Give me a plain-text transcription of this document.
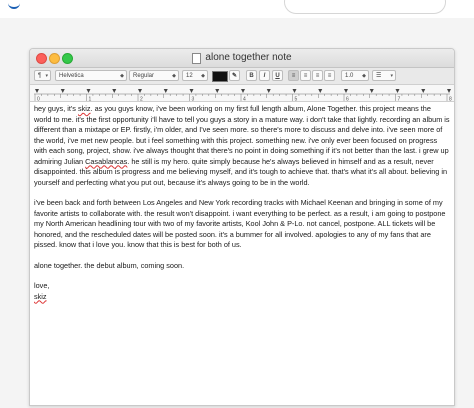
alone together note
¶ ▾	Helvetica	◆	Regular	◆	12 ◆	✎	B	I	U	≡	≡	≡	≡	1.0 ◆	☰ ▾
0	1	2	3	4	5	6	7	8

hey guys, it's skiz. as you guys know, i've been working on my first full length album, Alone Together. this project means the world to me. it's the first opportunity i'll have to tell you guys a story in a mature way. i don't take that lightly. recording an album is different than a mixtape or EP. firstly, i'm older, and I've seen more. so there's more to discuss and delve into. i've seen more of the world, i've met new people. but i feel something with this project. something new. i've only ever been focused on progress with each song, project, show. i've always thought that there's no point in doing something if it's not better than the last. i grew up admiring Julian Casablancas. he still is my hero. quite simply because he's always believed in himself and as a result, never disappointed. this album is progress and me believing myself, and it's tough to achieve that. that's what it's all about. believing in yourself and perfecting what you put out, because it's always going to be in the world.

i've been back and forth between Los Angeles and New York recording tracks with Michael Keenan and bringing in some of my favorite artists to collaborate with. the result won't disappoint. i want everything to be perfect. as a result, i am going to postpone my North American headlining tour with two of my favorite artists, Kool John & P-Lo. not cancel, postpone. ALL tickets will be honored, and the rescheduled dates will be posted soon. it's a bummer for all involved. apologies to any of my fans that are pissed. know that i love you. know that this is best for both of us.

alone together. the debut album, coming soon.

love,

skiz
